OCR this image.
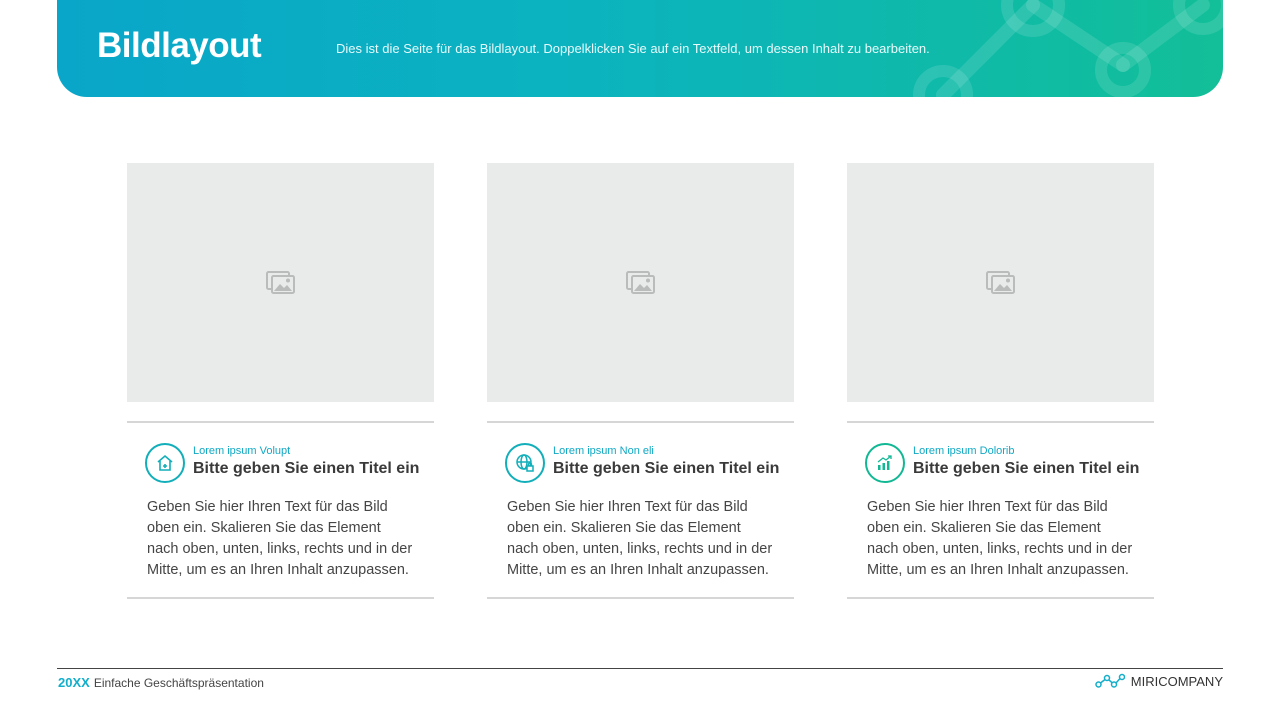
Bildlayout	Dies ist die Seite für das Bildlayout. Doppelklicken Sie auf ein Textfeld, um dessen Inhalt zu bearbeiten.
Lorem ipsum Volupt
Bitte geben Sie einen Titel ein
Geben Sie hier Ihren Text für das Bild oben ein. Skalieren Sie das Element nach oben, unten, links, rechts und in der Mitte, um es an Ihren Inhalt anzupassen.
Lorem ipsum Non eli
Bitte geben Sie einen Titel ein
Geben Sie hier Ihren Text für das Bild oben ein. Skalieren Sie das Element nach oben, unten, links, rechts und in der Mitte, um es an Ihren Inhalt anzupassen.
Lorem ipsum Dolorib
Bitte geben Sie einen Titel ein
Geben Sie hier Ihren Text für das Bild oben ein. Skalieren Sie das Element nach oben, unten, links, rechts und in der Mitte, um es an Ihren Inhalt anzupassen.
20XX Einfache Geschäftspräsentation	MIRICOMPANY
